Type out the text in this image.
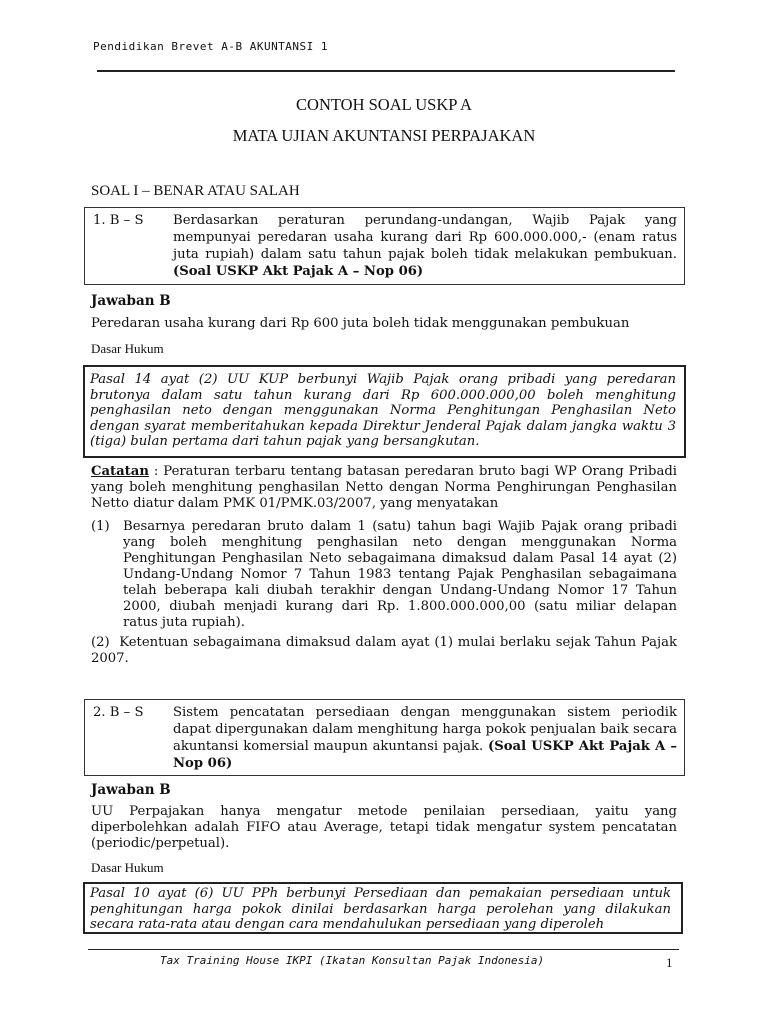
Pendidikan Brevet A-B AKUNTANSI 1
CONTOH SOAL USKP A
MATA UJIAN AKUNTANSI PERPAJAKAN
SOAL I – BENAR ATAU SALAH
1. B – S	Berdasarkan peraturan perundang-undangan, Wajib Pajak yang mempunyai peredaran usaha kurang dari Rp 600.000.000,- (enam ratus juta rupiah) dalam satu tahun pajak boleh tidak melakukan pembukuan. (Soal USKP Akt Pajak A – Nop 06)
Jawaban B
Peredaran usaha kurang dari Rp 600 juta boleh tidak menggunakan pembukuan
Dasar Hukum
Pasal 14 ayat (2) UU KUP berbunyi Wajib Pajak orang pribadi yang peredaran brutonya dalam satu tahun kurang dari Rp 600.000.000,00 boleh menghitung penghasilan neto dengan menggunakan Norma Penghitungan Penghasilan Neto dengan syarat memberitahukan kepada Direktur Jenderal Pajak dalam jangka waktu 3 (tiga) bulan pertama dari tahun pajak yang bersangkutan.
Catatan : Peraturan terbaru tentang batasan peredaran bruto bagi WP Orang Pribadi yang boleh menghitung penghasilan Netto dengan Norma Penghirungan Penghasilan Netto diatur dalam PMK 01/PMK.03/2007, yang menyatakan
(1)	Besarnya peredaran bruto dalam 1 (satu) tahun bagi Wajib Pajak orang pribadi yang boleh menghitung penghasilan neto dengan menggunakan Norma Penghitungan Penghasilan Neto sebagaimana dimaksud dalam Pasal 14 ayat (2) Undang-Undang Nomor 7 Tahun 1983 tentang Pajak Penghasilan sebagaimana telah beberapa kali diubah terakhir dengan Undang-Undang Nomor 17 Tahun 2000, diubah menjadi kurang dari Rp. 1.800.000.000,00 (satu miliar delapan ratus juta rupiah).
(2) Ketentuan sebagaimana dimaksud dalam ayat (1) mulai berlaku sejak Tahun Pajak 2007.
2. B – S	Sistem pencatatan persediaan dengan menggunakan sistem periodik dapat dipergunakan dalam menghitung harga pokok penjualan baik secara akuntansi komersial maupun akuntansi pajak. (Soal USKP Akt Pajak A – Nop 06)
Jawaban B
UU Perpajakan hanya mengatur metode penilaian persediaan, yaitu yang diperbolehkan adalah FIFO atau Average, tetapi tidak mengatur system pencatatan (periodic/perpetual).
Dasar Hukum
Pasal 10 ayat (6) UU PPh berbunyi Persediaan dan pemakaian persediaan untuk penghitungan harga pokok dinilai berdasarkan harga perolehan yang dilakukan secara rata-rata atau dengan cara mendahulukan persediaan yang diperoleh
Tax Training House IKPI (Ikatan Konsultan Pajak Indonesia)	1
